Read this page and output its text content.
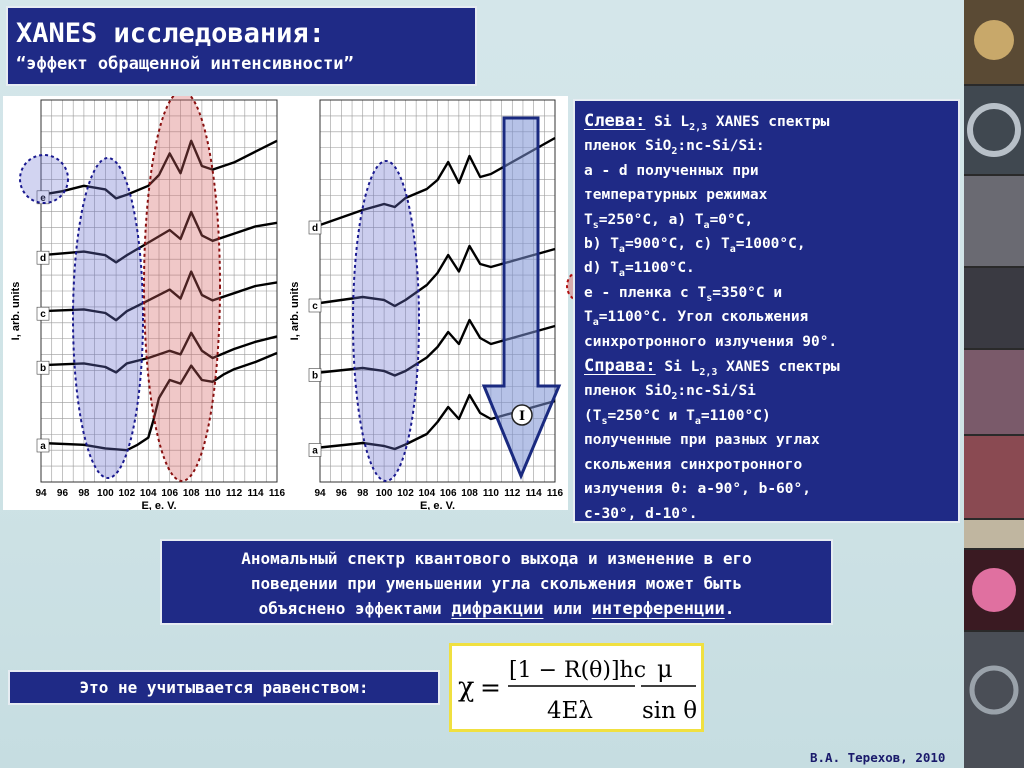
XANES исследования:
“эффект обращенной интенсивности”
94 96 98 100 102 104 106 108 110 112 114 116
E, e. V.
I, arb. units
a
b
c
d
e
94 96 98 100 102 104 106 108 110 112 114 116
E, e. V.
I, arb. units
a
b
c
d
I
Слева: Si $L_{2,3}$ XANES спектры
пленок SiO$_2$:nc-Si/Si:
a - d полученных при
температурных режимах
$T_s=250^\circ C$, a) $T_a=0^\circ C$,
b) $T_a=900^\circ C$, c) $T_a=1000^\circ C$,
d) $T_a=1100^\circ C$.
e - пленка с $T_s=350^\circ C$ и
$T_a=1100^\circ C$. Угол скольжения
синхротронного излучения 90°.
Справа: Si $L_{2,3}$ XANES спектры
пленок SiO$_2$:nc-Si/Si
($T_s=250^\circ C$ и $T_a=1100^\circ C$)
полученные при разных углах
скольжения синхротронного
излучения θ: a-90°, b-60°,
c-30°, d-10°.
Аномальный спектр квантового выхода и изменение в его
поведении при уменьшении угла скольжения может быть
объяснено эффектами дифракции или интерференции.
Это не учитывается равенством:	χ =
[1 − R(θ)]hc
4Eλ
μ
sin θ
В.А. Терехов, 2010
